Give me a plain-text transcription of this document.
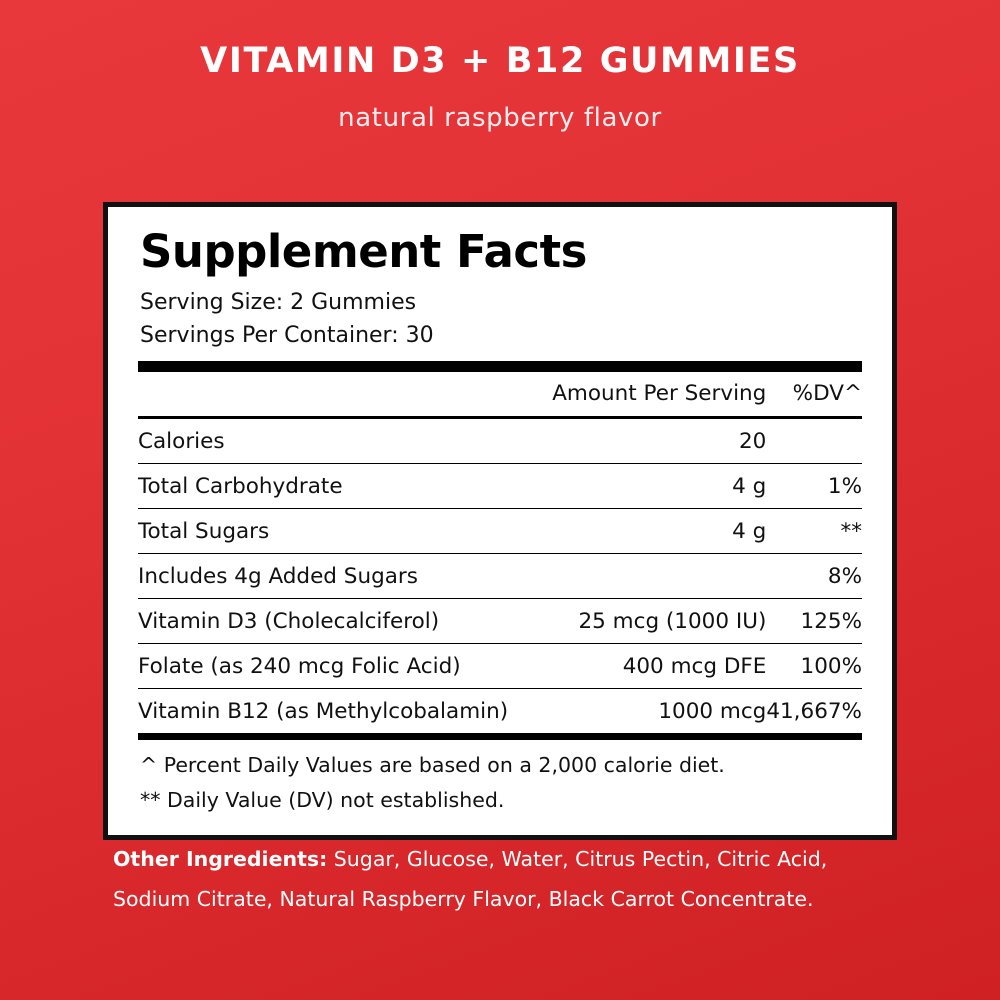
VITAMIN D3 + B12 GUMMIES
natural raspberry flavor
Supplement Facts
Serving Size: 2 Gummies
Servings Per Container: 30
	Amount Per Serving	%DV^
Calories	20	
Total Carbohydrate	4 g	1%
Total Sugars	4 g	**
Includes 4g Added Sugars		8%
Vitamin D3 (Cholecalciferol)	25 mcg (1000 IU)	125%
Folate (as 240 mcg Folic Acid)	400 mcg DFE	100%
Vitamin B12 (as Methylcobalamin)	1000 mcg	41,667%
^ Percent Daily Values are based on a 2,000 calorie diet.
** Daily Value (DV) not established.
Other Ingredients: Sugar, Glucose, Water, Citrus Pectin, Citric Acid,
Sodium Citrate, Natural Raspberry Flavor, Black Carrot Concentrate.
